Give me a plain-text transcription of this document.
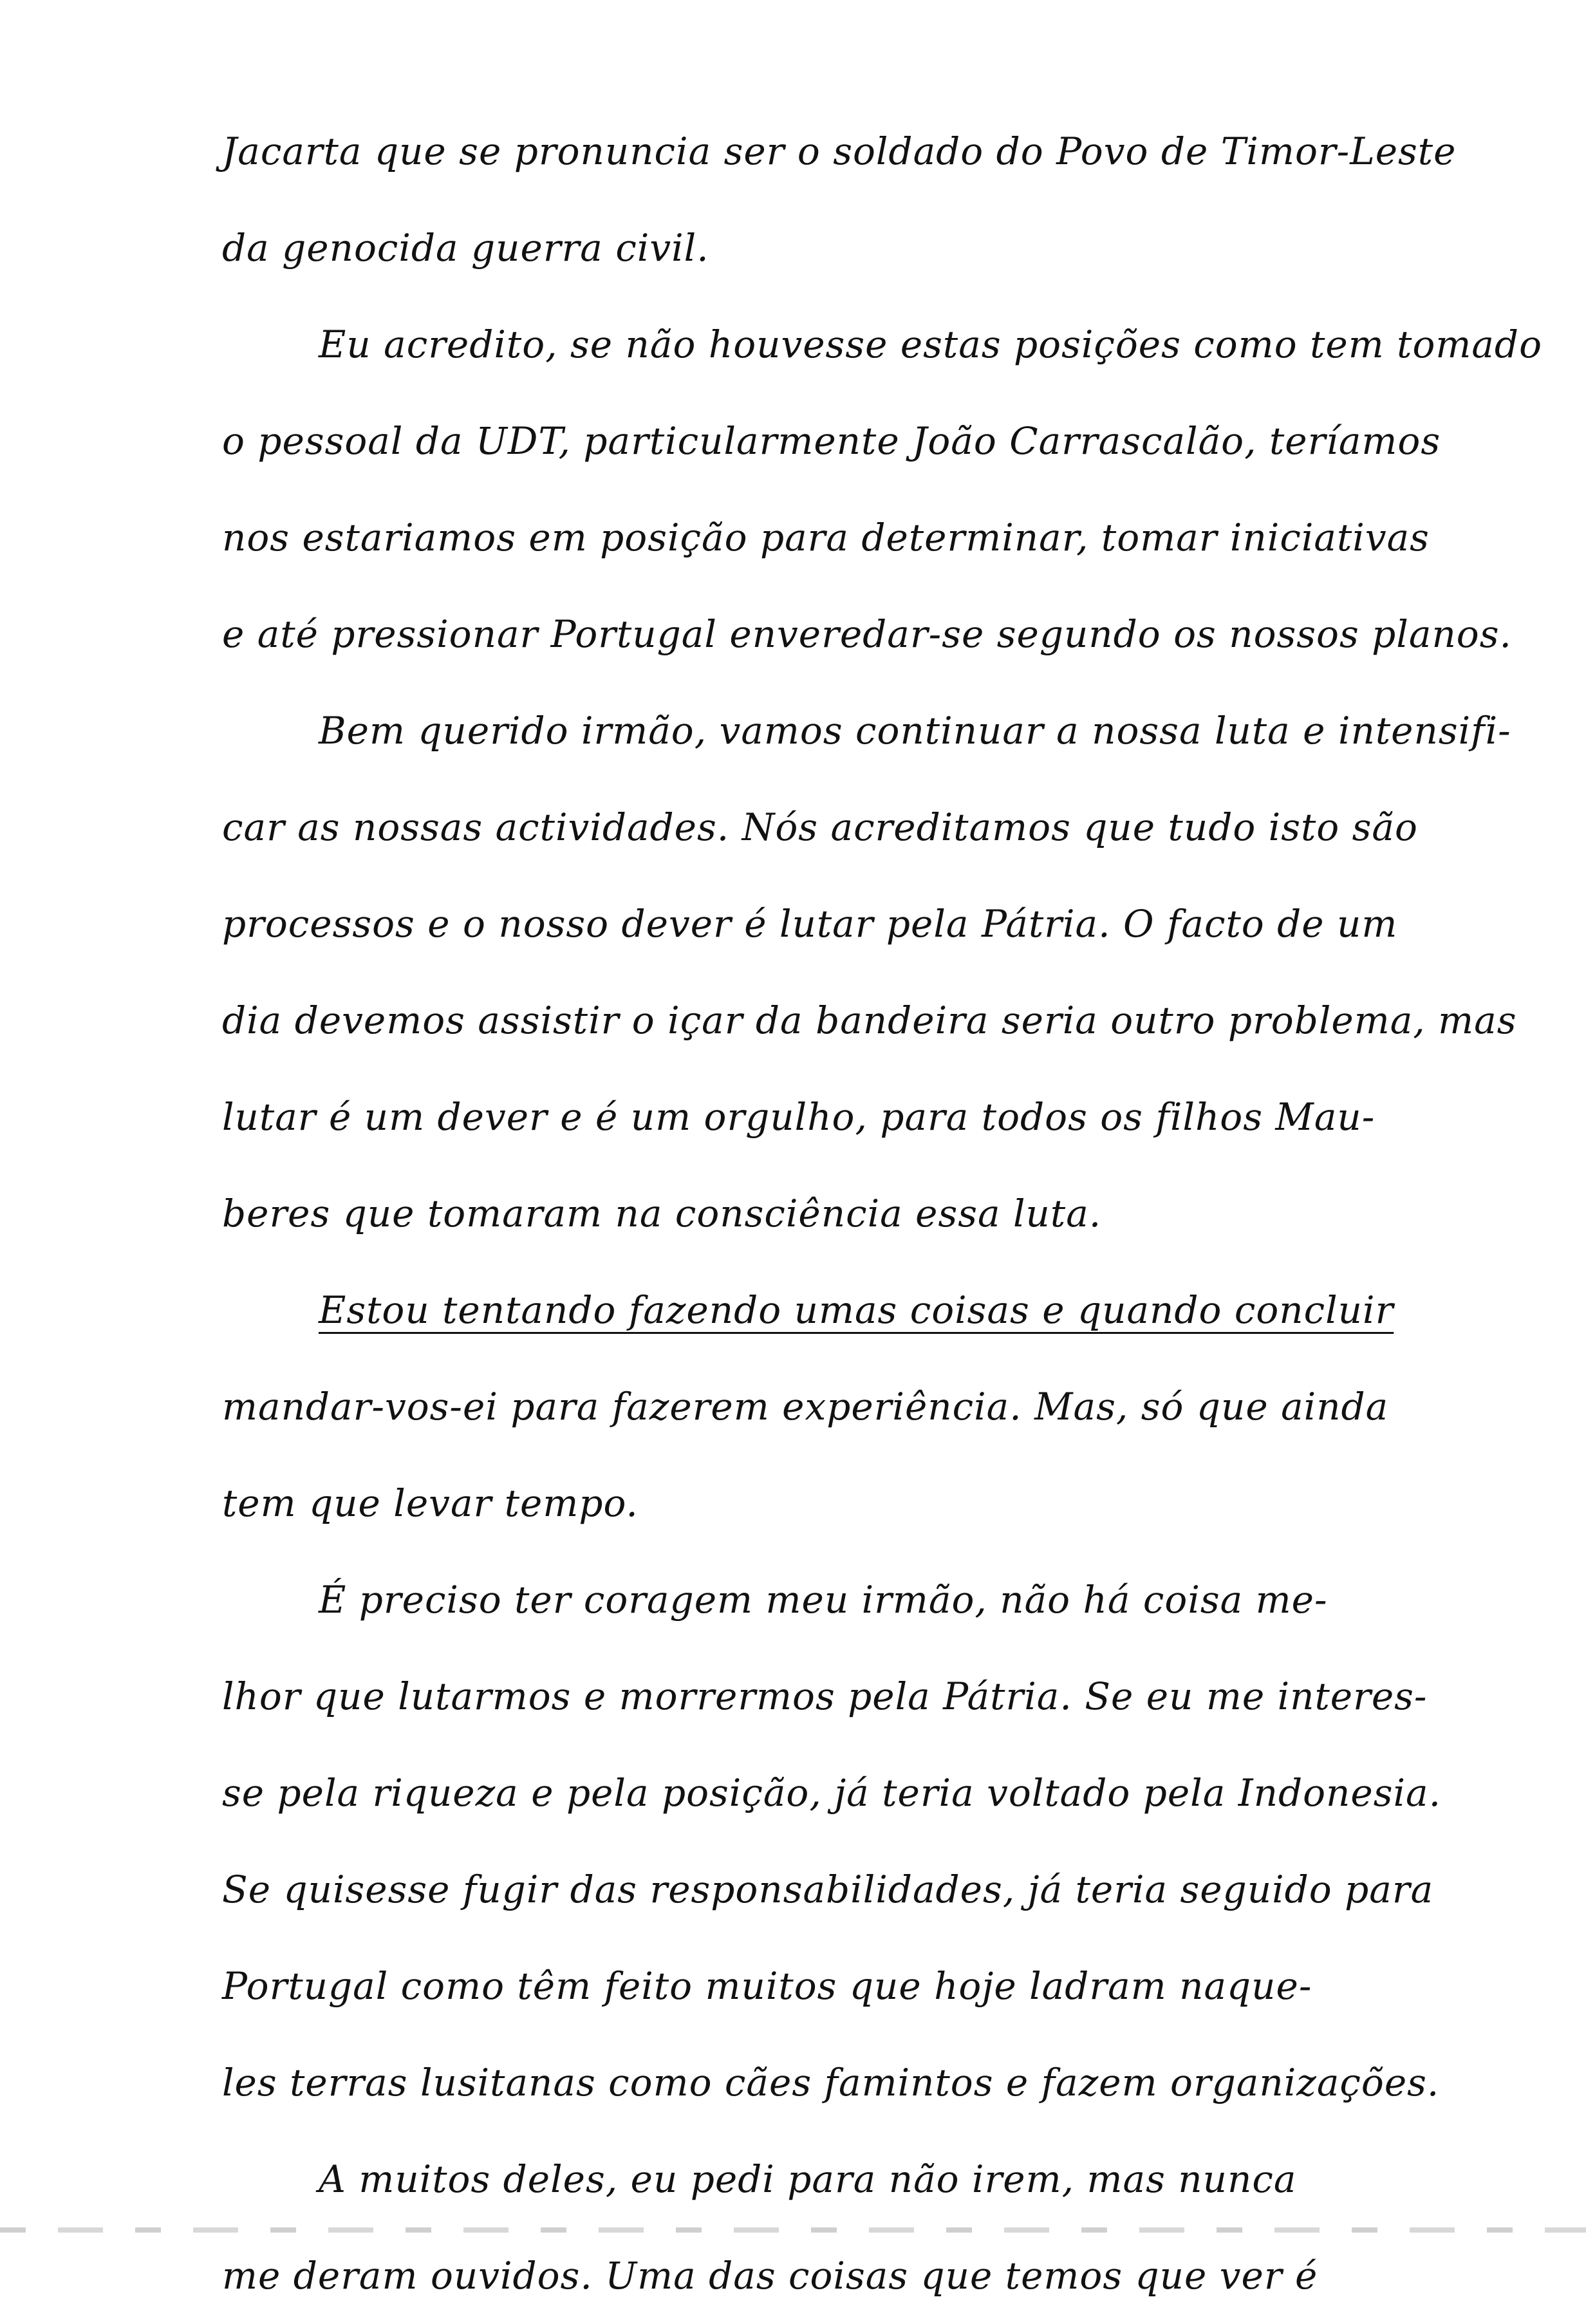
Jacarta que se pronuncia ser o soldado do Povo de Timor-Leste
da genocida guerra civil.
Eu acredito, se não houvesse estas posições como tem tomado
o pessoal da UDT, particularmente João Carrascalão, teríamos
nos estariamos em posição para determinar, tomar iniciativas
e até pressionar Portugal enveredar-se segundo os nossos planos.
Bem querido irmão, vamos continuar a nossa luta e intensifi-
car as nossas actividades. Nós acreditamos que tudo isto são
processos e o nosso dever é lutar pela Pátria. O facto de um
dia devemos assistir o içar da bandeira seria outro problema, mas
lutar é um dever e é um orgulho, para todos os filhos Mau-
beres que tomaram na consciência essa luta.
Estou tentando fazendo umas coisas e quando concluir
mandar-vos-ei para fazerem experiência. Mas, só que ainda
tem que levar tempo.
É preciso ter coragem meu irmão, não há coisa me-
lhor que lutarmos e morrermos pela Pátria. Se eu me interes-
se pela riqueza e pela posição, já teria voltado pela Indonesia.
Se quisesse fugir das responsabilidades, já teria seguido para
Portugal como têm feito muitos que hoje ladram naque-
les terras lusitanas como cães famintos e fazem organizações.
A muitos deles, eu pedi para não irem, mas nunca
me deram ouvidos. Uma das coisas que temos que ver é
